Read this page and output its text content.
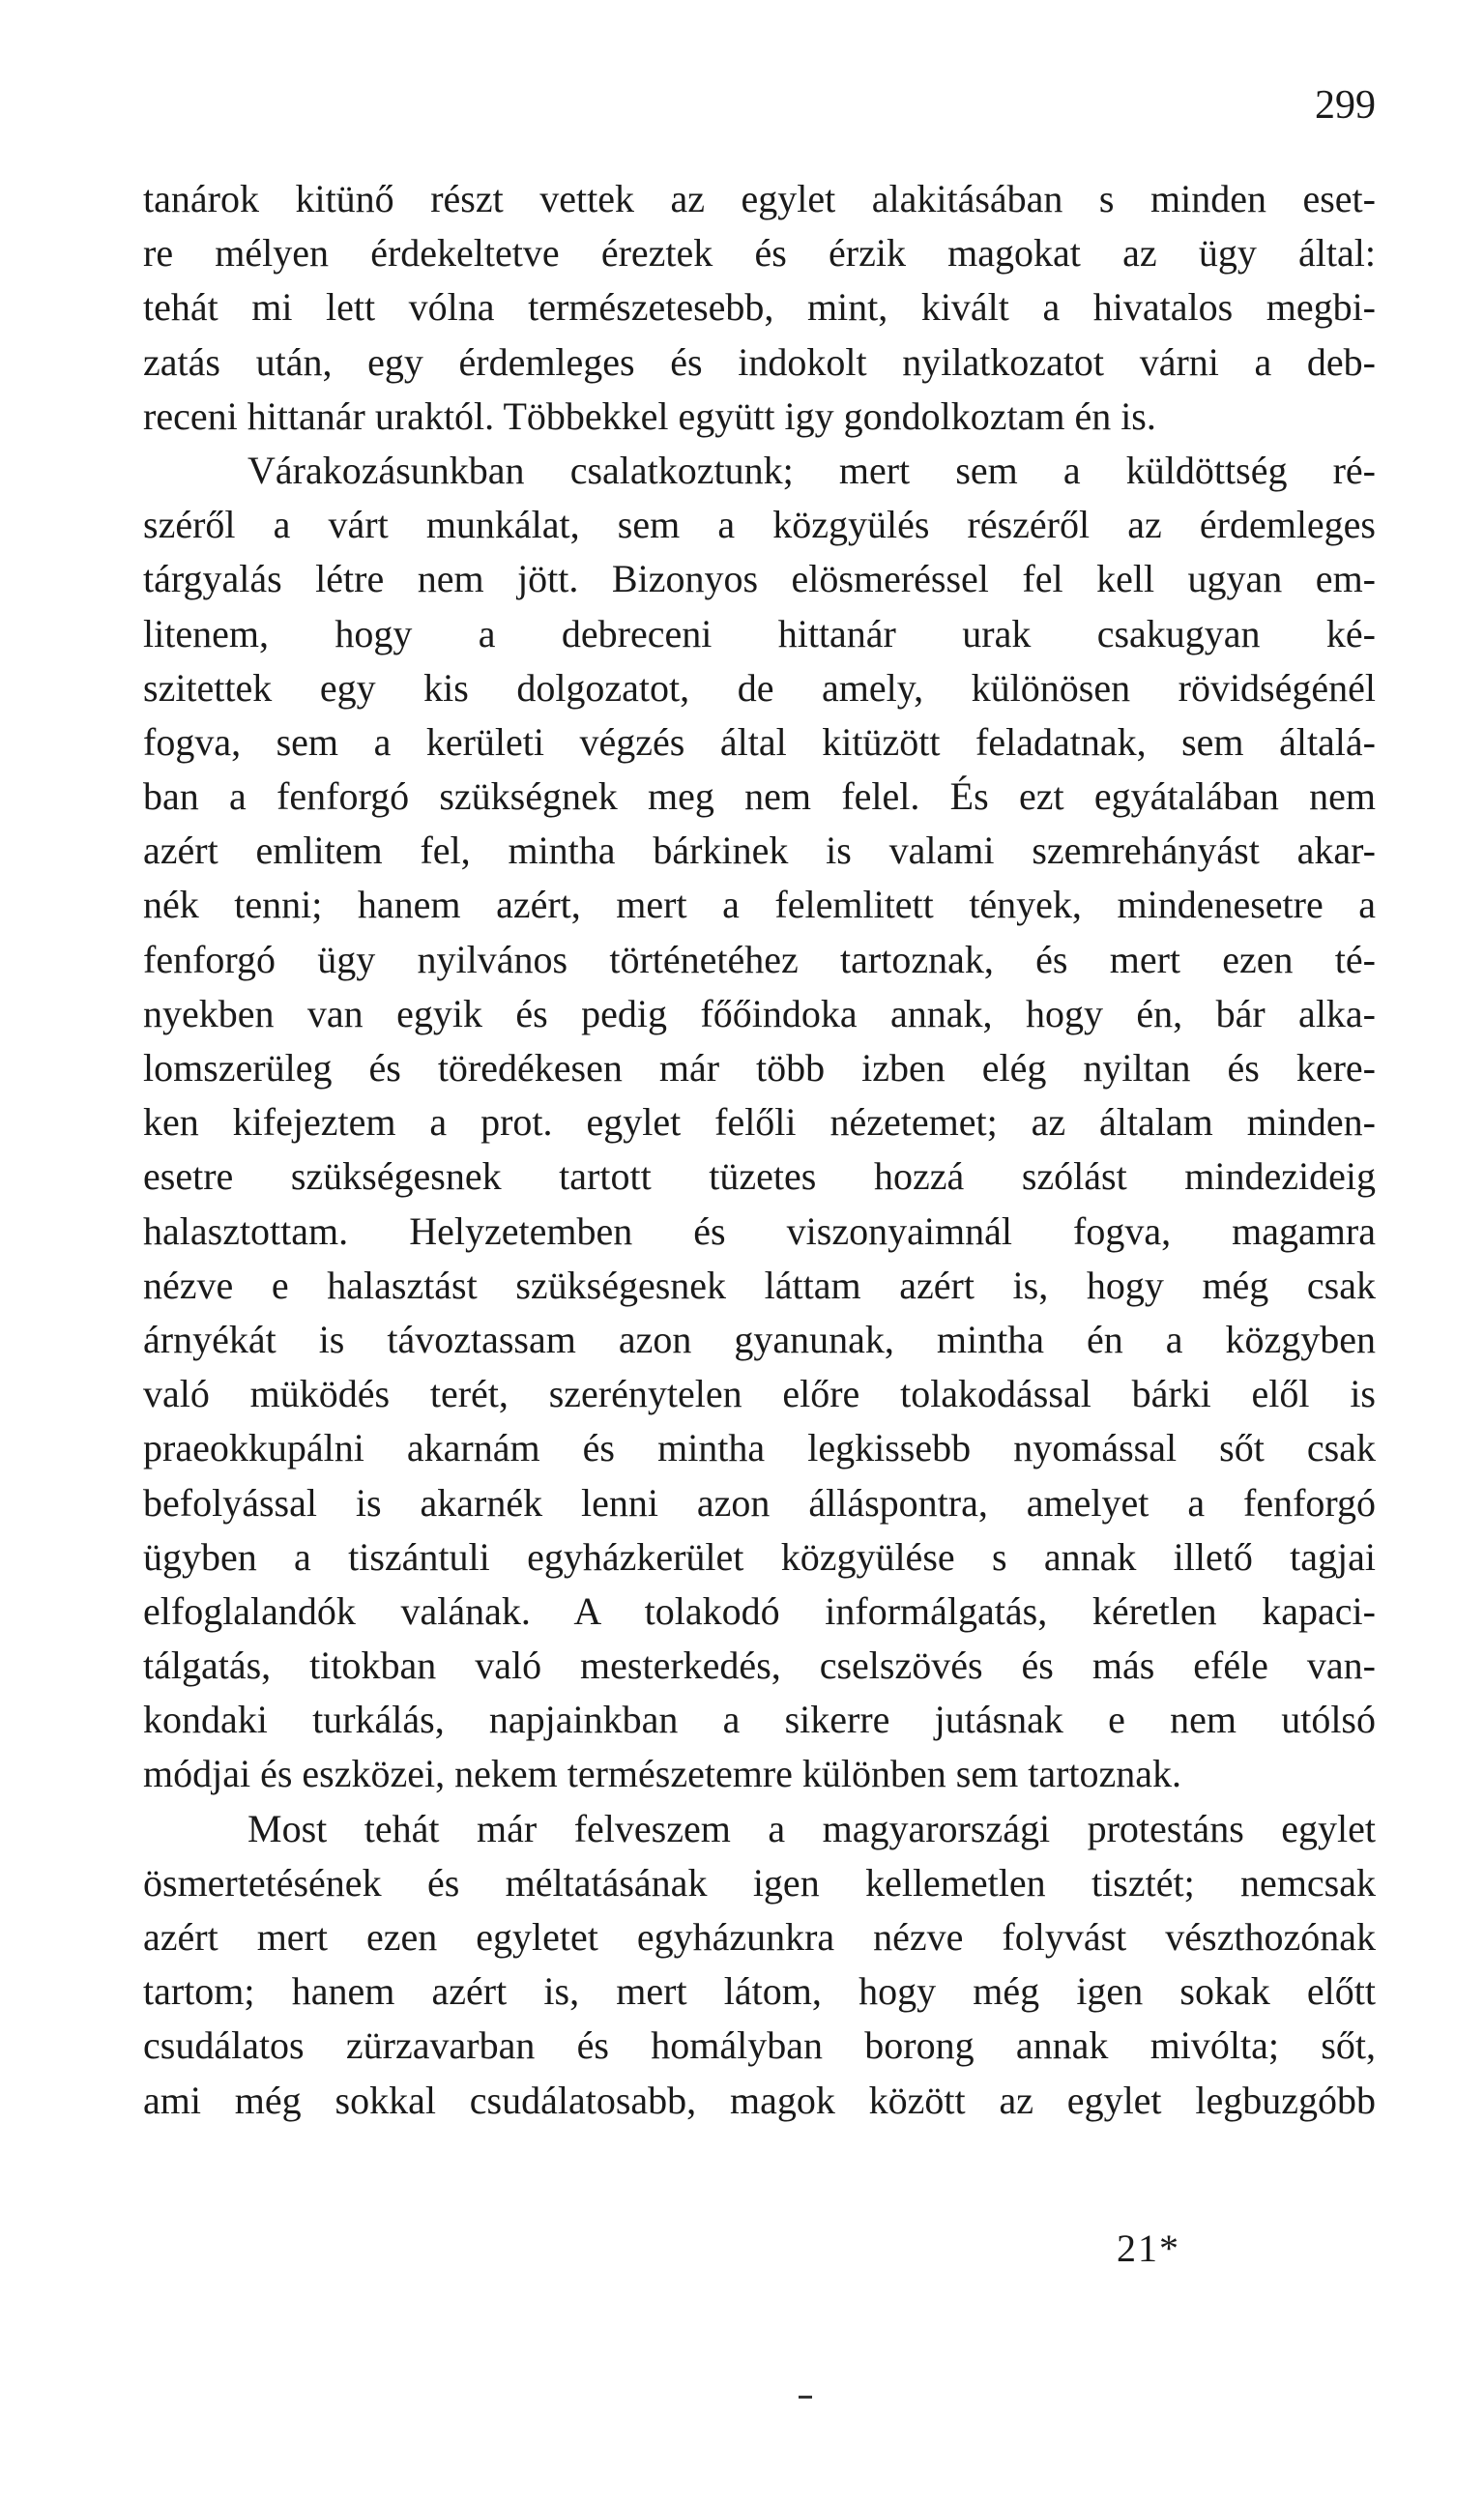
299
tanárok kitünő részt vettek az egylet alakitásában s minden eset-
re mélyen érdekeltetve éreztek és érzik magokat az ügy által:
tehát mi lett vólna természetesebb, mint, kivált a hivatalos megbi-
zatás után, egy érdemleges és indokolt nyilatkozatot várni a deb-
receni hittanár uraktól. Többekkel együtt igy gondolkoztam én is.
Várakozásunkban csalatkoztunk; mert sem a küldöttség ré-
széről a várt munkálat, sem a közgyülés részéről az érdemleges
tárgyalás létre nem jött. Bizonyos elösmeréssel fel kell ugyan em-
litenem, hogy a debreceni hittanár urak csakugyan ké-
szitettek egy kis dolgozatot, de amely, különösen rövidségénél
fogva, sem a kerületi végzés által kitüzött feladatnak, sem általá-
ban a fenforgó szükségnek meg nem felel. És ezt egyátalában nem
azért emlitem fel, mintha bárkinek is valami szemrehányást akar-
nék tenni; hanem azért, mert a felemlitett tények, mindenesetre a
fenforgó ügy nyilvános történetéhez tartoznak, és mert ezen té-
nyekben van egyik és pedig főőindoka annak, hogy én, bár alka-
lomszerüleg és töredékesen már több izben elég nyiltan és kere-
ken kifejeztem a prot. egylet felőli nézetemet; az általam minden-
esetre szükségesnek tartott tüzetes hozzá szólást mindezideig
halasztottam. Helyzetemben és viszonyaimnál fogva, magamra
nézve e halasztást szükségesnek láttam azért is, hogy még csak
árnyékát is távoztassam azon gyanunak, mintha én a közgyben
való müködés terét, szerénytelen előre tolakodással bárki elől is
praeokkupálni akarnám és mintha legkissebb nyomással sőt csak
befolyással is akarnék lenni azon álláspontra, amelyet a fenforgó
ügyben a tiszántuli egyházkerület közgyülése s annak illető tagjai
elfoglalandók valának. A tolakodó informálgatás, kéretlen kapaci-
tálgatás, titokban való mesterkedés, cselszövés és más eféle van-
kondaki turkálás, napjainkban a sikerre jutásnak e nem utólsó
módjai és eszközei, nekem természetemre különben sem tartoznak.
Most tehát már felveszem a magyarországi protestáns egylet
ösmertetésének és méltatásának igen kellemetlen tisztét; nemcsak
azért mert ezen egyletet egyházunkra nézve folyvást vészthozónak
tartom; hanem azért is, mert látom, hogy még igen sokak előtt
csudálatos zürzavarban és homályban borong annak mivólta; sőt,
ami még sokkal csudálatosabb, magok között az egylet legbuzgóbb
21*
